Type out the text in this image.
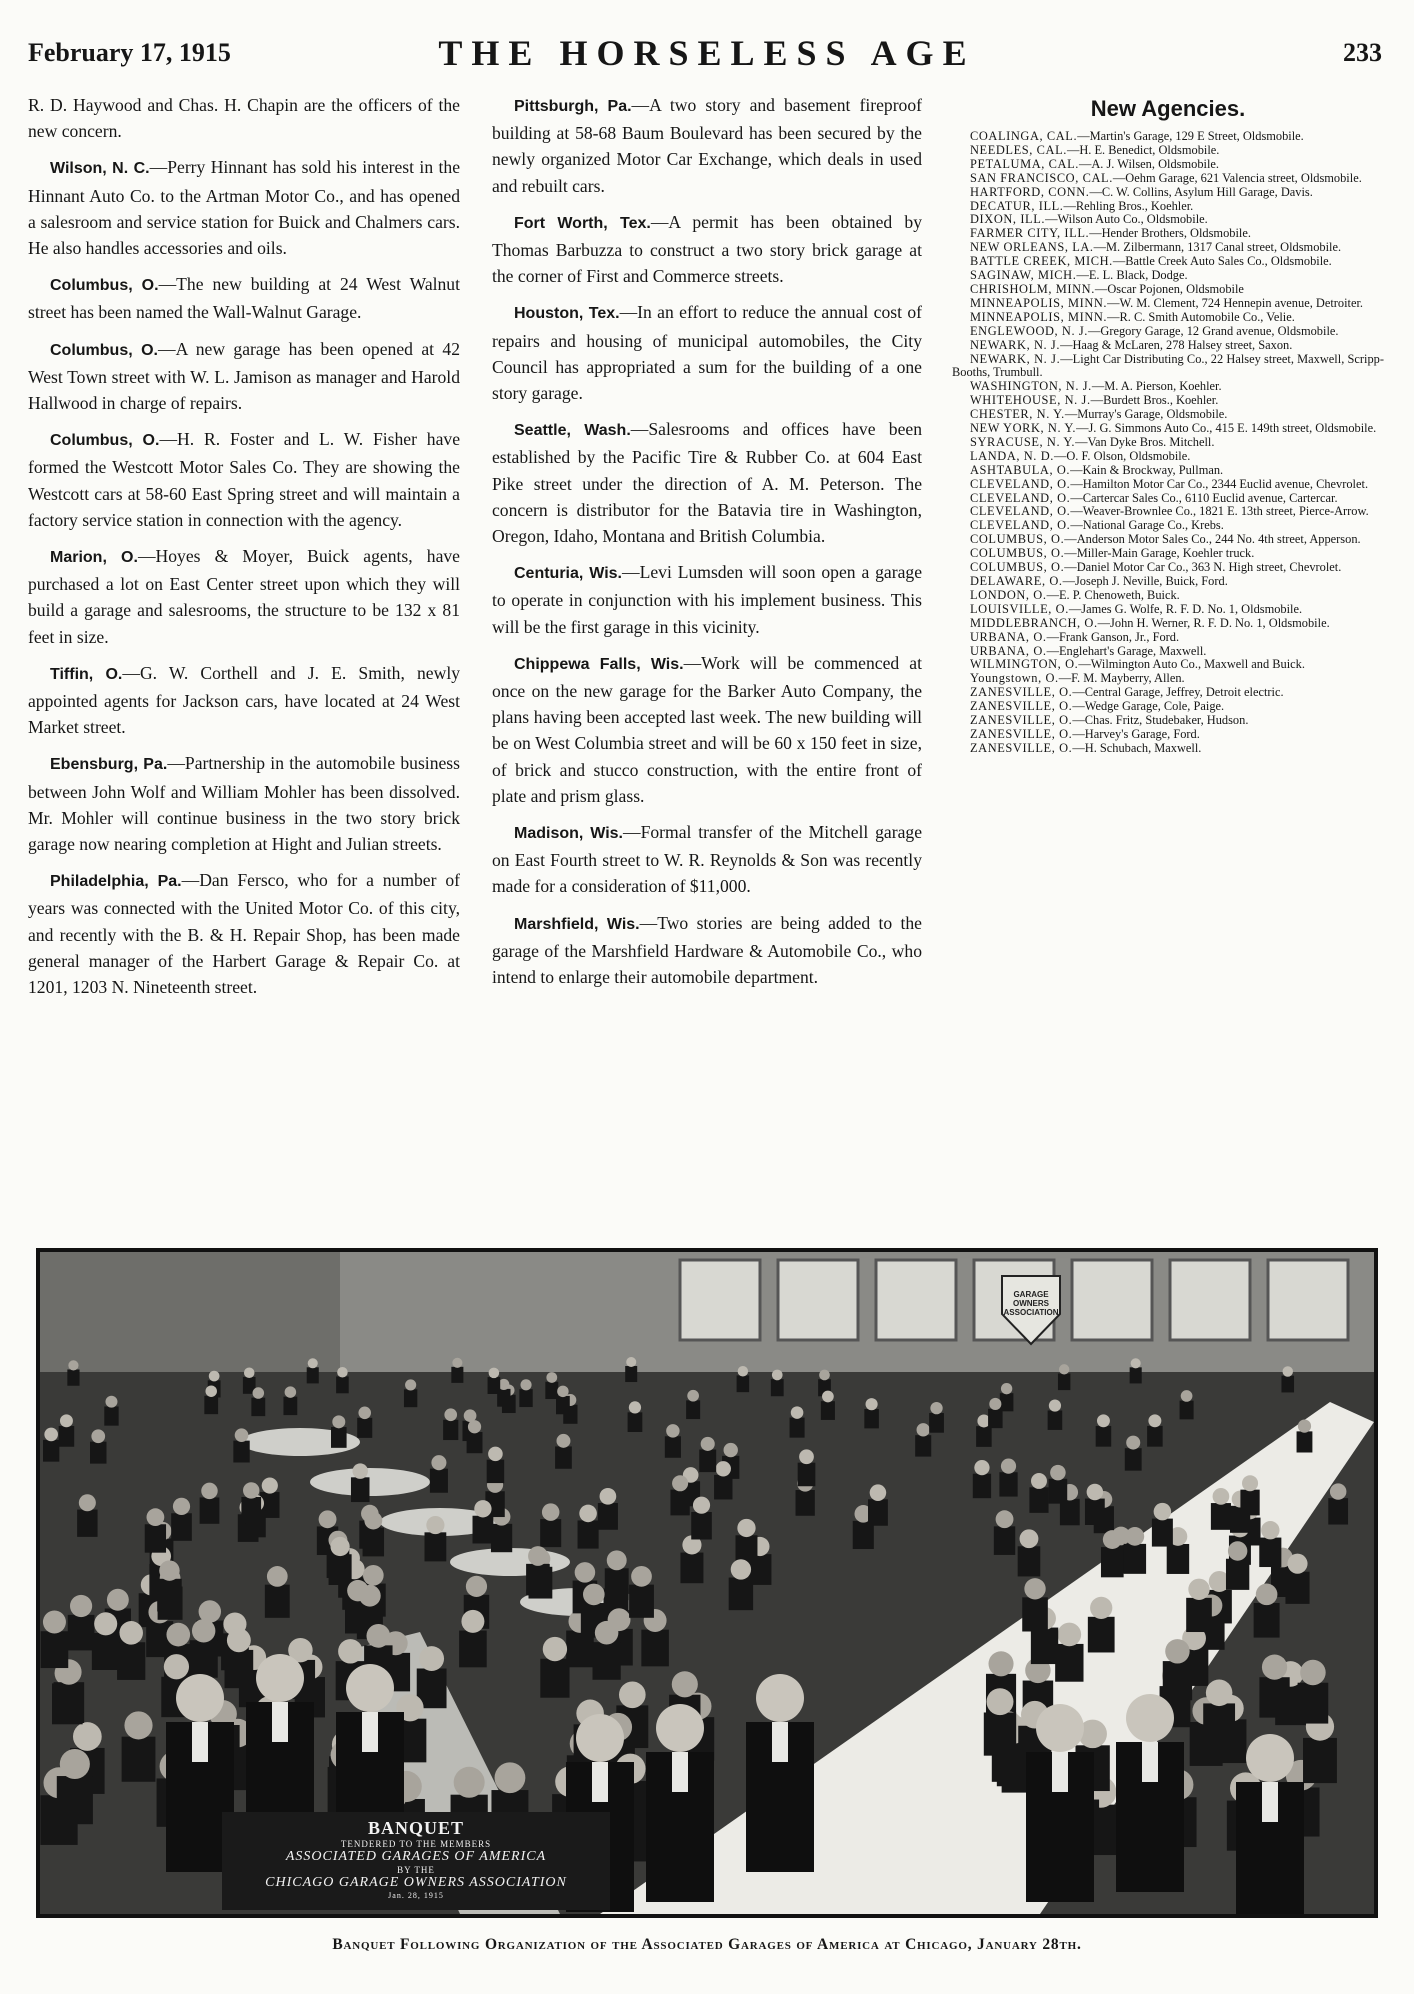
February 17, 1915	THE HORSELESS AGE	233

R. D. Haywood and Chas. H. Chapin are the officers of the new concern.

Wilson, N. C.—Perry Hinnant has sold his interest in the Hinnant Auto Co. to the Artman Motor Co., and has opened a salesroom and service station for Buick and Chalmers cars. He also handles accessories and oils.

Columbus, O.—The new building at 24 West Walnut street has been named the Wall-Walnut Garage.

Columbus, O.—A new garage has been opened at 42 West Town street with W. L. Jamison as manager and Harold Hallwood in charge of repairs.

Columbus, O.—H. R. Foster and L. W. Fisher have formed the Westcott Motor Sales Co. They are showing the Westcott cars at 58-60 East Spring street and will maintain a factory service station in connection with the agency.

Marion, O.—Hoyes & Moyer, Buick agents, have purchased a lot on East Center street upon which they will build a garage and salesrooms, the structure to be 132 x 81 feet in size.

Tiffin, O.—G. W. Corthell and J. E. Smith, newly appointed agents for Jackson cars, have located at 24 West Market street.

Ebensburg, Pa.—Partnership in the automobile business between John Wolf and William Mohler has been dissolved. Mr. Mohler will continue business in the two story brick garage now nearing completion at Hight and Julian streets.

Philadelphia, Pa.—Dan Fersco, who for a number of years was connected with the United Motor Co. of this city, and recently with the B. & H. Repair Shop, has been made general manager of the Harbert Garage & Repair Co. at 1201, 1203 N. Nineteenth street.

Pittsburgh, Pa.—A two story and basement fireproof building at 58-68 Baum Boulevard has been secured by the newly organized Motor Car Exchange, which deals in used and rebuilt cars.

Fort Worth, Tex.—A permit has been obtained by Thomas Barbuzza to construct a two story brick garage at the corner of First and Commerce streets.

Houston, Tex.—In an effort to reduce the annual cost of repairs and housing of municipal automobiles, the City Council has appropriated a sum for the building of a one story garage.

Seattle, Wash.—Salesrooms and offices have been established by the Pacific Tire & Rubber Co. at 604 East Pike street under the direction of A. M. Peterson. The concern is distributor for the Batavia tire in Washington, Oregon, Idaho, Montana and British Columbia.

Centuria, Wis.—Levi Lumsden will soon open a garage to operate in conjunction with his implement business. This will be the first garage in this vicinity.

Chippewa Falls, Wis.—Work will be commenced at once on the new garage for the Barker Auto Company, the plans having been accepted last week. The new building will be on West Columbia street and will be 60 x 150 feet in size, of brick and stucco construction, with the entire front of plate and prism glass.

Madison, Wis.—Formal transfer of the Mitchell garage on East Fourth street to W. R. Reynolds & Son was recently made for a consideration of $11,000.

Marshfield, Wis.—Two stories are being added to the garage of the Marshfield Hardware & Automobile Co., who intend to enlarge their automobile department.

New Agencies.

COALINGA, CAL.—Martin's Garage, 129 E Street, Oldsmobile.

NEEDLES, CAL.—H. E. Benedict, Oldsmobile.

PETALUMA, CAL.—A. J. Wilsen, Oldsmobile.

SAN FRANCISCO, CAL.—Oehm Garage, 621 Valencia street, Oldsmobile.

HARTFORD, CONN.—C. W. Collins, Asylum Hill Garage, Davis.

DECATUR, ILL.—Rehling Bros., Koehler.

DIXON, ILL.—Wilson Auto Co., Oldsmobile.

FARMER CITY, ILL.—Hender Brothers, Oldsmobile.

NEW ORLEANS, LA.—M. Zilbermann, 1317 Canal street, Oldsmobile.

BATTLE CREEK, MICH.—Battle Creek Auto Sales Co., Oldsmobile.

SAGINAW, MICH.—E. L. Black, Dodge.

CHRISHOLM, MINN.—Oscar Pojonen, Oldsmobile

MINNEAPOLIS, MINN.—W. M. Clement, 724 Hennepin avenue, Detroiter.

MINNEAPOLIS, MINN.—R. C. Smith Automobile Co., Velie.

ENGLEWOOD, N. J.—Gregory Garage, 12 Grand avenue, Oldsmobile.

NEWARK, N. J.—Haag & McLaren, 278 Halsey street, Saxon.

NEWARK, N. J.—Light Car Distributing Co., 22 Halsey street, Maxwell, Scripp-Booths, Trumbull.

WASHINGTON, N. J.—M. A. Pierson, Koehler.

WHITEHOUSE, N. J.—Burdett Bros., Koehler.

CHESTER, N. Y.—Murray's Garage, Oldsmobile.

NEW YORK, N. Y.—J. G. Simmons Auto Co., 415 E. 149th street, Oldsmobile.

SYRACUSE, N. Y.—Van Dyke Bros. Mitchell.

LANDA, N. D.—O. F. Olson, Oldsmobile.

ASHTABULA, O.—Kain & Brockway, Pullman.

CLEVELAND, O.—Hamilton Motor Car Co., 2344 Euclid avenue, Chevrolet.

CLEVELAND, O.—Cartercar Sales Co., 6110 Euclid avenue, Cartercar.

CLEVELAND, O.—Weaver-Brownlee Co., 1821 E. 13th street, Pierce-Arrow.

CLEVELAND, O.—National Garage Co., Krebs.

COLUMBUS, O.—Anderson Motor Sales Co., 244 No. 4th street, Apperson.

COLUMBUS, O.—Miller-Main Garage, Koehler truck.

COLUMBUS, O.—Daniel Motor Car Co., 363 N. High street, Chevrolet.

DELAWARE, O.—Joseph J. Neville, Buick, Ford.

LONDON, O.—E. P. Chenoweth, Buick.

LOUISVILLE, O.—James G. Wolfe, R. F. D. No. 1, Oldsmobile.

MIDDLEBRANCH, O.—John H. Werner, R. F. D. No. 1, Oldsmobile.

URBANA, O.—Frank Ganson, Jr., Ford.

URBANA, O.—Englehart's Garage, Maxwell.

WILMINGTON, O.—Wilmington Auto Co., Maxwell and Buick.

Youngstown, O.—F. M. Mayberry, Allen.

ZANESVILLE, O.—Central Garage, Jeffrey, Detroit electric.

ZANESVILLE, O.—Wedge Garage, Cole, Paige.

ZANESVILLE, O.—Chas. Fritz, Studebaker, Hudson.

ZANESVILLE, O.—Harvey's Garage, Ford.

ZANESVILLE, O.—H. Schubach, Maxwell.

GARAGE OWNERS ASSOCIATION
BANQUET
TENDERED TO THE MEMBERS
ASSOCIATED GARAGES OF AMERICA
BY THE
CHICAGO GARAGE OWNERS ASSOCIATION
Jan. 28, 1915
Banquet Following Organization of the Associated Garages of America at Chicago, January 28th.
